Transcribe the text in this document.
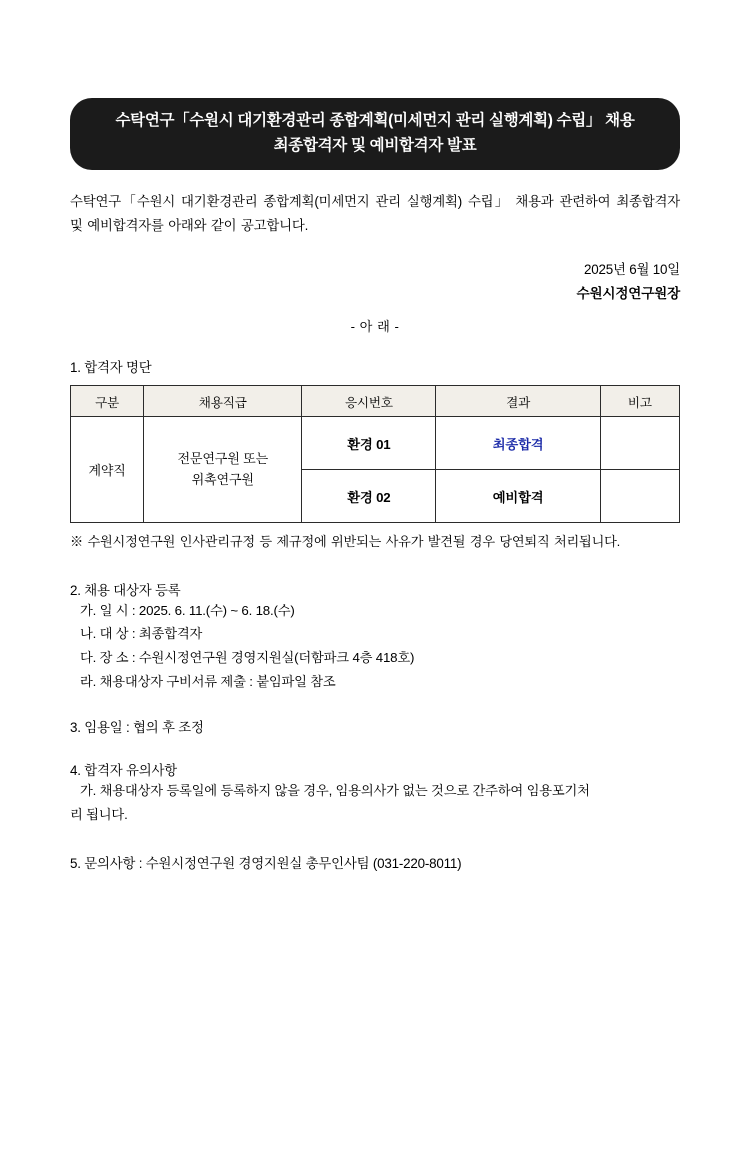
수탁연구「수원시 대기환경관리 종합계획(미세먼지 관리 실행계획) 수립」 채용
최종합격자 및 예비합격자 발표

수탁연구「수원시 대기환경관리 종합계획(미세먼지 관리 실행계획) 수립」 채용과 관련하여 최종합격자 및 예비합격자를 아래와 같이 공고합니다.

2025년 6월 10일
수원시정연구원장
- 아 래 -
1. 합격자 명단
구분	채용직급	응시번호	결과	비고
계약직	전문연구원 또는
위촉연구원	환경 01	최종합격	
		환경 02	예비합격	

※ 수원시정연구원 인사관리규정 등 제규정에 위반되는 사유가 발견될 경우 당연퇴직 처리됩니다.

2. 채용 대상자 등록
가. 일 시 : 2025. 6. 11.(수) ~ 6. 18.(수)
나. 대 상 : 최종합격자
다. 장 소 : 수원시정연구원 경영지원실(더함파크 4층 418호)
라. 채용대상자 구비서류 제출 : 붙임파일 참조
3. 임용일 : 협의 후 조정
4. 합격자 유의사항
가. 채용대상자 등록일에 등록하지 않을 경우, 임용의사가 없는 것으로 간주하여 임용포기처
리 됩니다.
5. 문의사항 : 수원시정연구원 경영지원실 총무인사팀 (031-220-8011)
